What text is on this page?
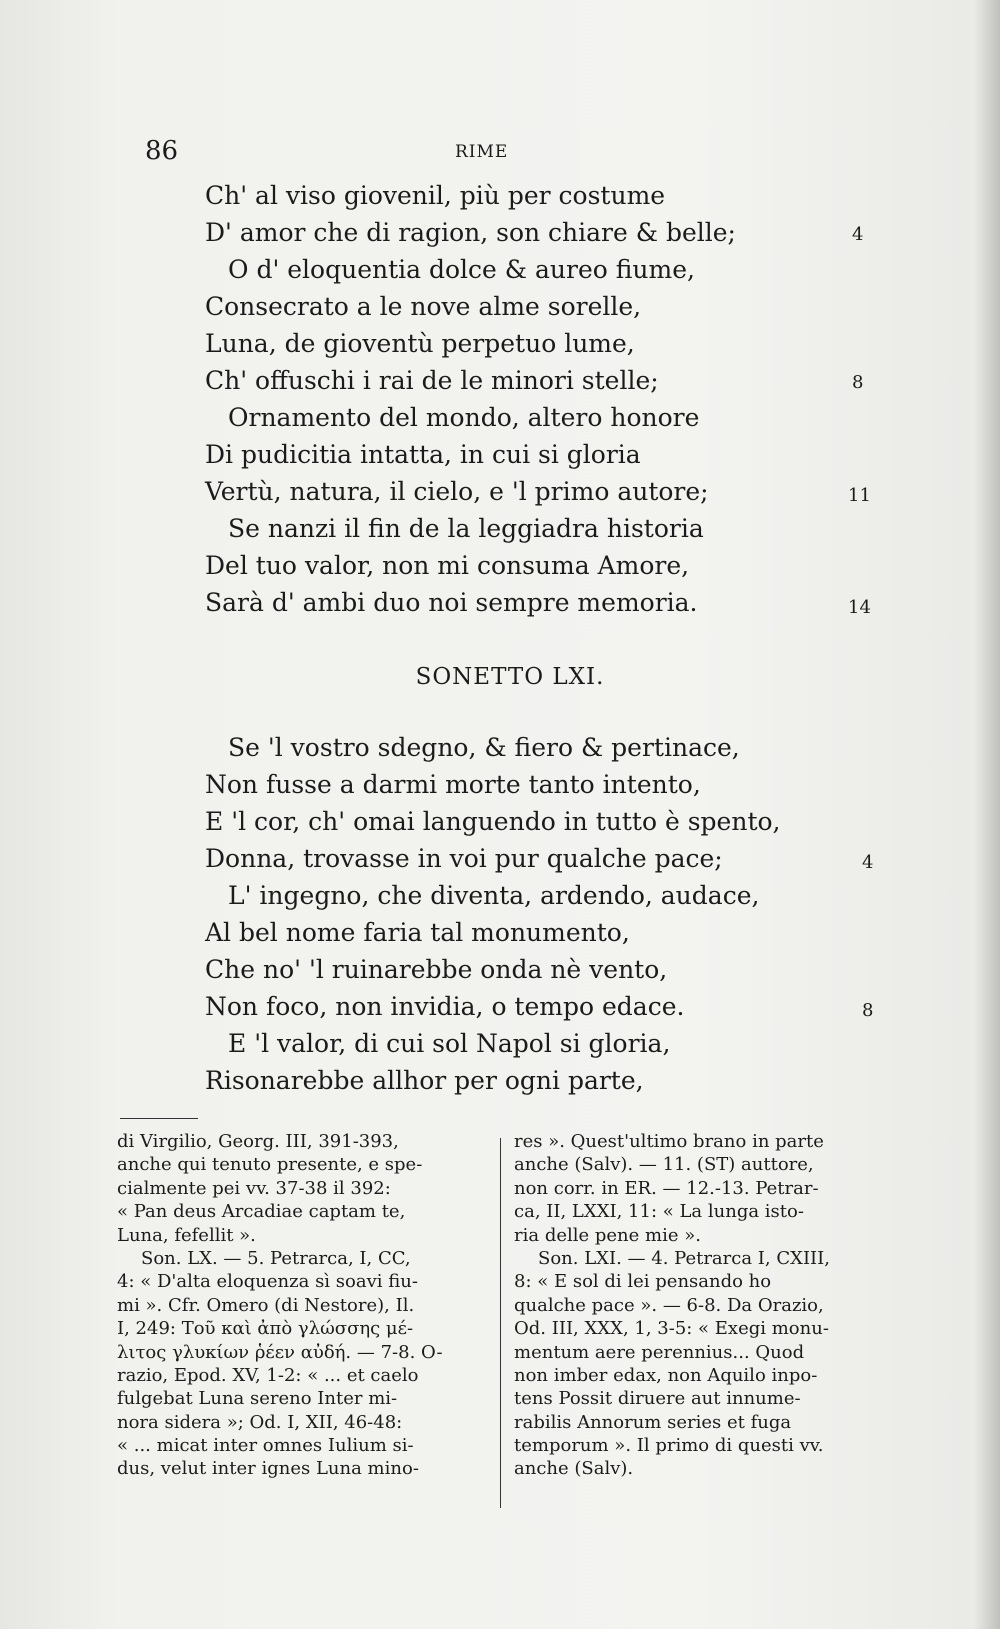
86	RIME
Ch' al viso giovenil, più per costume
D' amor che di ragion, son chiare & belle;
O d' eloquentia dolce & aureo fiume,
Consecrato a le nove alme sorelle,
Luna, de gioventù perpetuo lume,
Ch' offuschi i rai de le minori stelle;
Ornamento del mondo, altero honore
Di pudicitia intatta, in cui si gloria
Vertù, natura, il cielo, e 'l primo autore;
Se nanzi il fin de la leggiadra historia
Del tuo valor, non mi consuma Amore,
Sarà d' ambi duo noi sempre memoria.
4
8
11
14
SONETTO LXI.
Se 'l vostro sdegno, & fiero & pertinace,
Non fusse a darmi morte tanto intento,
E 'l cor, ch' omai languendo in tutto è spento,
Donna, trovasse in voi pur qualche pace;
L' ingegno, che diventa, ardendo, audace,
Al bel nome faria tal monumento,
Che no' 'l ruinarebbe onda nè vento,
Non foco, non invidia, o tempo edace.
E 'l valor, di cui sol Napol si gloria,
Risonarebbe allhor per ogni parte,
4
8
di Virgilio, Georg. III, 391-393,
anche qui tenuto presente, e spe-
cialmente pei vv. 37-38 il 392:
« Pan deus Arcadiae captam te,
Luna, fefellit ».
Son. LX. — 5. Petrarca, I, CC,
4: « D'alta eloquenza sì soavi fiu-
mi ». Cfr. Omero (di Nestore), Il.
I, 249: Τοῦ καὶ ἀπὸ γλώσσης μέ-
λιτος γλυκίων ῥέεν αὐδή. — 7-8. O-
razio, Epod. XV, 1-2: « ... et caelo
fulgebat Luna sereno Inter mi-
nora sidera »; Od. I, XII, 46-48:
« ... micat inter omnes Iulium si-
dus, velut inter ignes Luna mino-
res ». Quest'ultimo brano in parte
anche (Salv). — 11. (ST) auttore,
non corr. in ER. — 12.-13. Petrar-
ca, II, LXXI, 11: « La lunga isto-
ria delle pene mie ».
Son. LXI. — 4. Petrarca I, CXIII,
8: « E sol di lei pensando ho
qualche pace ». — 6-8. Da Orazio,
Od. III, XXX, 1, 3-5: « Exegi monu-
mentum aere perennius... Quod
non imber edax, non Aquilo inpo-
tens Possit diruere aut innume-
rabilis Annorum series et fuga
temporum ». Il primo di questi vv.
anche (Salv).
